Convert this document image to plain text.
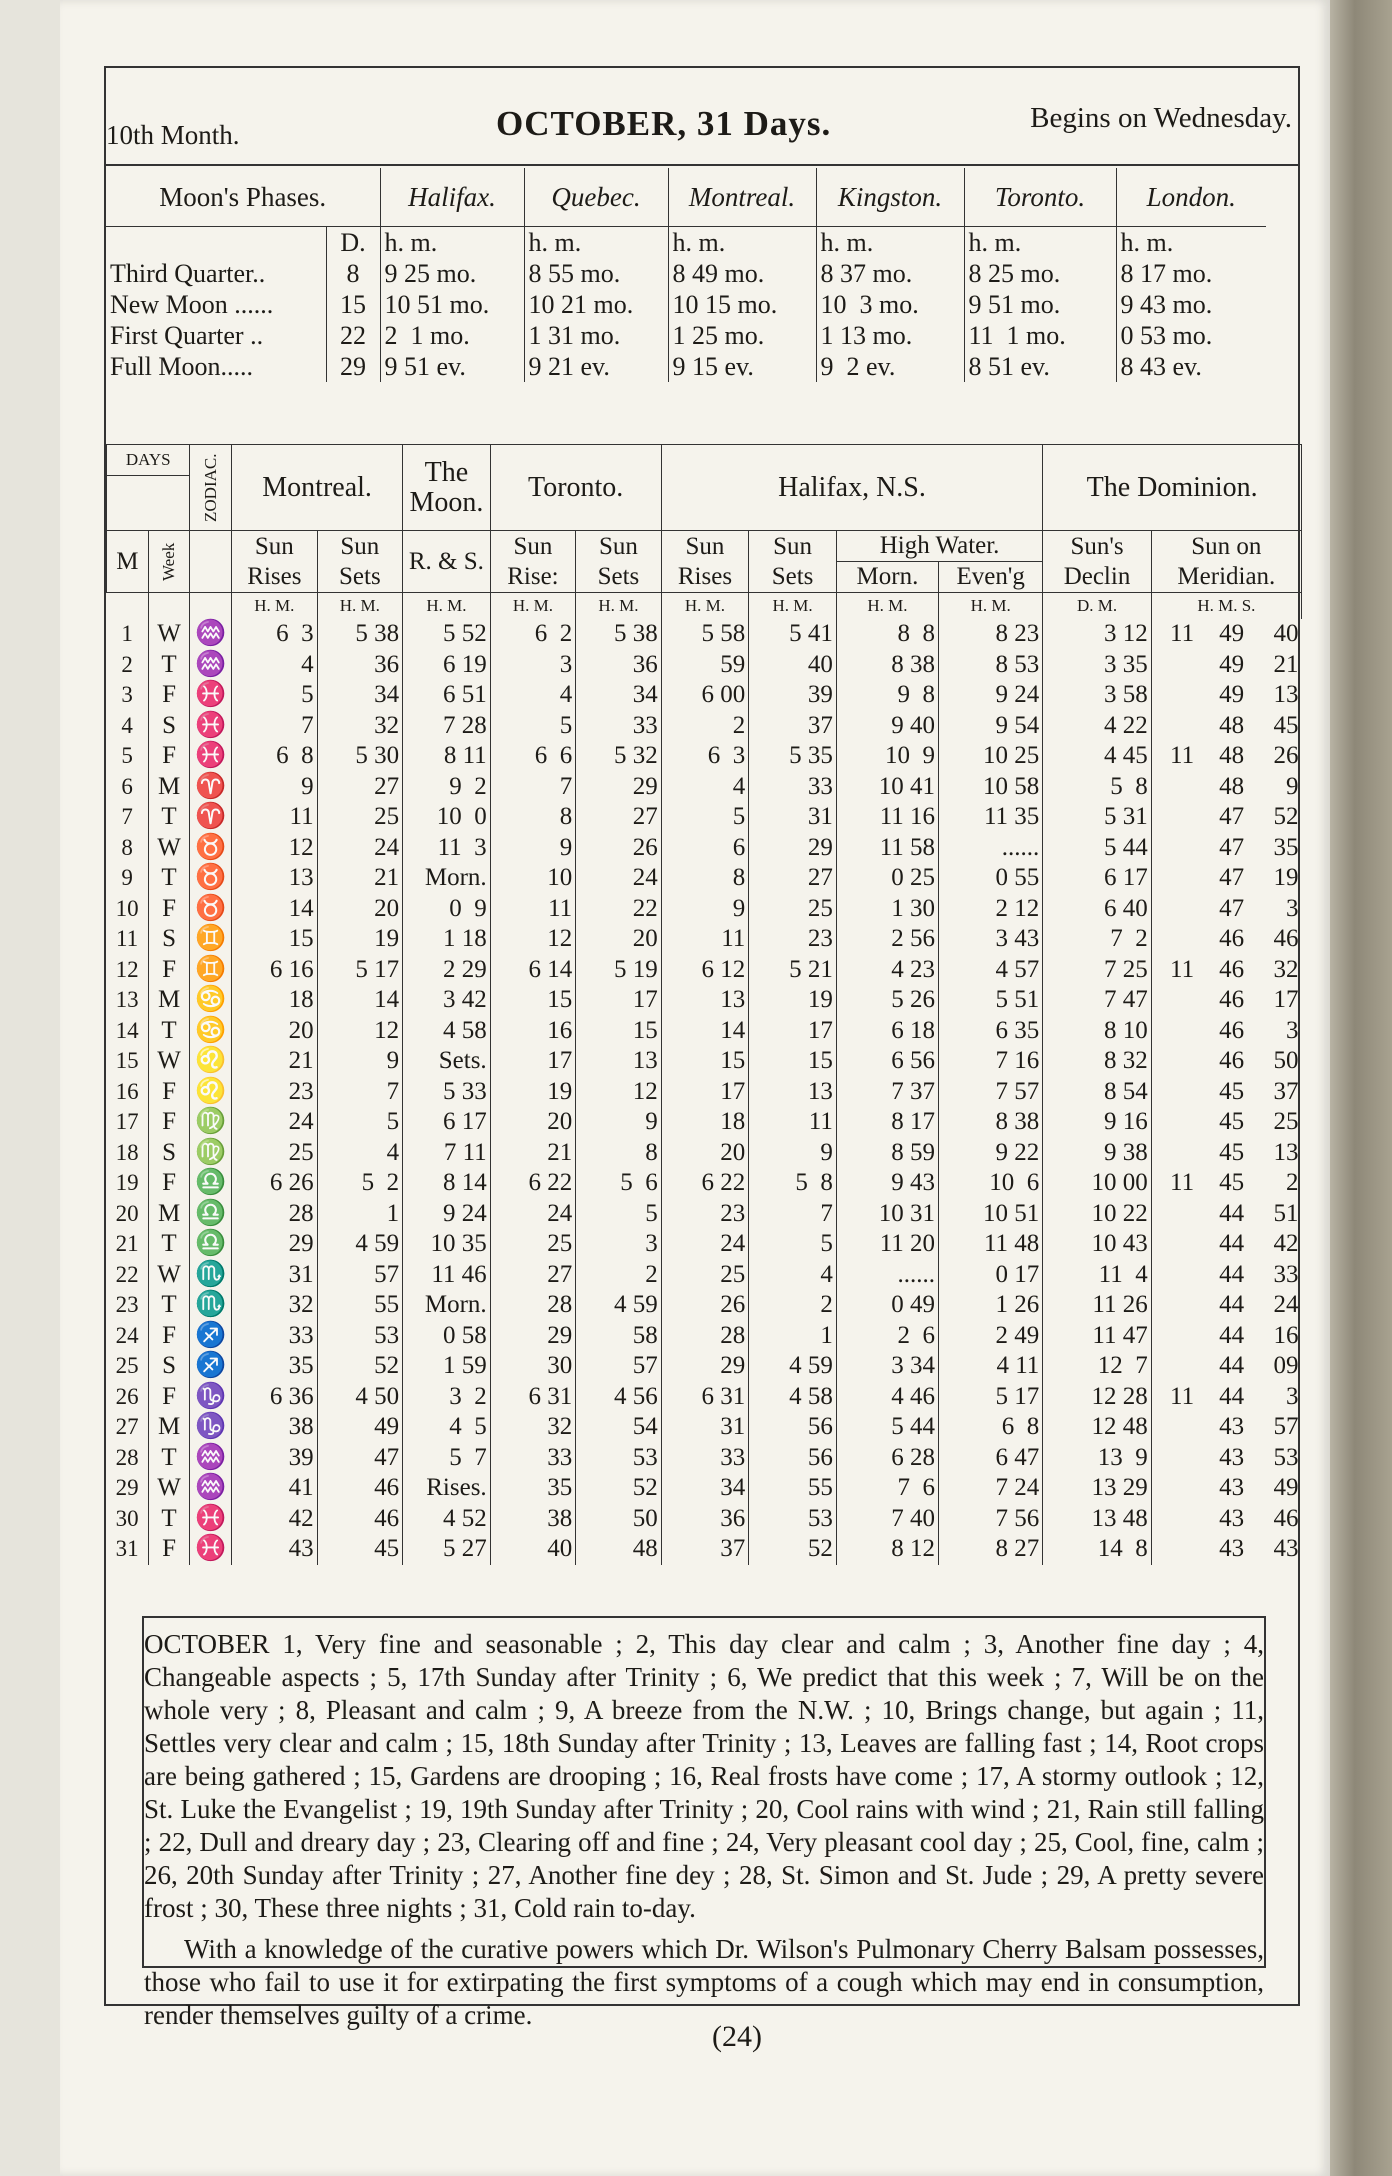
10th Month.	OCTOBER, 31 Days.	Begins on Wednesday.
Moon's Phases.		Halifax.	Quebec.	Montreal.	Kingston.	Toronto.	London.
	D.	h. m.	h. m.	h. m.	h. m.	h. m.	h. m.
Third Quarter..	8	9 25 mo.	8 55 mo.	8 49 mo.	8 37 mo.	8 25 mo.	8 17 mo.
New Moon ......	15	10 51 mo.	10 21 mo.	10 15 mo.	10  3 mo.	9 51 mo.	9 43 mo.
First Quarter ..	22	2  1 mo.	1 31 mo.	1 25 mo.	1 13 mo.	11  1 mo.	0 53 mo.
Full Moon.....	29	9 51 ev.	9 21 ev.	9 15 ev.	9  2 ev.	8 51 ev.	8 43 ev.
DAYS		ZODIAC.	Montreal.		The Moon.	Toronto.		Halifax, N.S.				The Dominion.			

M	Week		Sun Rises	Sun Sets	R. & S.	Sun Rise:	Sun Sets	Sun Rises	Sun Sets	High Water.		Sun's Declin	Sun on Meridian.		
										Morn.	Even'g				
			H. M.	H. M.	H. M.	H. M.	H. M.	H. M.	H. M.	H. M.	H. M.	D. M.	H. M. S.		
1	W	♒	6  3	5 38	5 52	6  2	5 38	5 58	5 41	8  8	8 23	3 12	11	49	40
2	T	♒	4	36	6 19	3	36	59	40	8 38	8 53	3 35		49	21
3	F	♓	5	34	6 51	4	34	6 00	39	9  8	9 24	3 58		49	13
4	S	♓	7	32	7 28	5	33	2	37	9 40	9 54	4 22		48	45
5	F	♓	6  8	5 30	8 11	6  6	5 32	6  3	5 35	10  9	10 25	4 45	11	48	26
6	M	♈	9	27	9  2	7	29	4	33	10 41	10 58	5  8		48	9
7	T	♈	11	25	10  0	8	27	5	31	11 16	11 35	5 31		47	52
8	W	♉	12	24	11  3	9	26	6	29	11 58	......	5 44		47	35
9	T	♉	13	21	Morn.	10	24	8	27	0 25	0 55	6 17		47	19
10	F	♉	14	20	0  9	11	22	9	25	1 30	2 12	6 40		47	3
11	S	♊	15	19	1 18	12	20	11	23	2 56	3 43	7  2		46	46
12	F	♊	6 16	5 17	2 29	6 14	5 19	6 12	5 21	4 23	4 57	7 25	11	46	32
13	M	♋	18	14	3 42	15	17	13	19	5 26	5 51	7 47		46	17
14	T	♋	20	12	4 58	16	15	14	17	6 18	6 35	8 10		46	3
15	W	♌	21	9	Sets.	17	13	15	15	6 56	7 16	8 32		46	50
16	F	♌	23	7	5 33	19	12	17	13	7 37	7 57	8 54		45	37
17	F	♍	24	5	6 17	20	9	18	11	8 17	8 38	9 16		45	25
18	S	♍	25	4	7 11	21	8	20	9	8 59	9 22	9 38		45	13
19	F	♎	6 26	5  2	8 14	6 22	5  6	6 22	5  8	9 43	10  6	10 00	11	45	2
20	M	♎	28	1	9 24	24	5	23	7	10 31	10 51	10 22		44	51
21	T	♎	29	4 59	10 35	25	3	24	5	11 20	11 48	10 43		44	42
22	W	♏	31	57	11 46	27	2	25	4	......	0 17	11  4		44	33
23	T	♏	32	55	Morn.	28	4 59	26	2	0 49	1 26	11 26		44	24
24	F	♐	33	53	0 58	29	58	28	1	2  6	2 49	11 47		44	16
25	S	♐	35	52	1 59	30	57	29	4 59	3 34	4 11	12  7		44	09
26	F	♑	6 36	4 50	3  2	6 31	4 56	6 31	4 58	4 46	5 17	12 28	11	44	3
27	M	♑	38	49	4  5	32	54	31	56	5 44	6  8	12 48		43	57
28	T	♒	39	47	5  7	33	53	33	56	6 28	6 47	13  9		43	53
29	W	♒	41	46	Rises.	35	52	34	55	7  6	7 24	13 29		43	49
30	T	♓	42	46	4 52	38	50	36	53	7 40	7 56	13 48		43	46
31	F	♓	43	45	5 27	40	48	37	52	8 12	8 27	14  8		43	43

OCTOBER 1, Very fine and seasonable ; 2, This day clear and calm ; 3, Another fine day ; 4, Changeable aspects ; 5, 17th Sunday after Trinity ; 6, We predict that this week ; 7, Will be on the whole very ; 8, Pleasant and calm ; 9, A breeze from the N.W. ; 10, Brings change, but again ; 11, Settles very clear and calm ; 15, 18th Sunday after Trinity ; 13, Leaves are falling fast ; 14, Root crops are being gathered ; 15, Gardens are drooping ; 16, Real frosts have come ; 17, A stormy outlook ; 12, St. Luke the Evangelist ; 19, 19th Sunday after Trinity ; 20, Cool rains with wind ; 21, Rain still falling ; 22, Dull and dreary day ; 23, Clearing off and fine ; 24, Very pleasant cool day ; 25, Cool, fine, calm ; 26, 20th Sunday after Trinity ; 27, Another fine dey ; 28, St. Simon and St. Jude ; 29, A pretty severe frost ; 30, These three nights ; 31, Cold rain to-day.

With a knowledge of the curative powers which Dr. Wilson's Pulmonary Cherry Balsam possesses, those who fail to use it for extirpating the first symptoms of a cough which may end in consumption, render themselves guilty of a crime.

(24)
